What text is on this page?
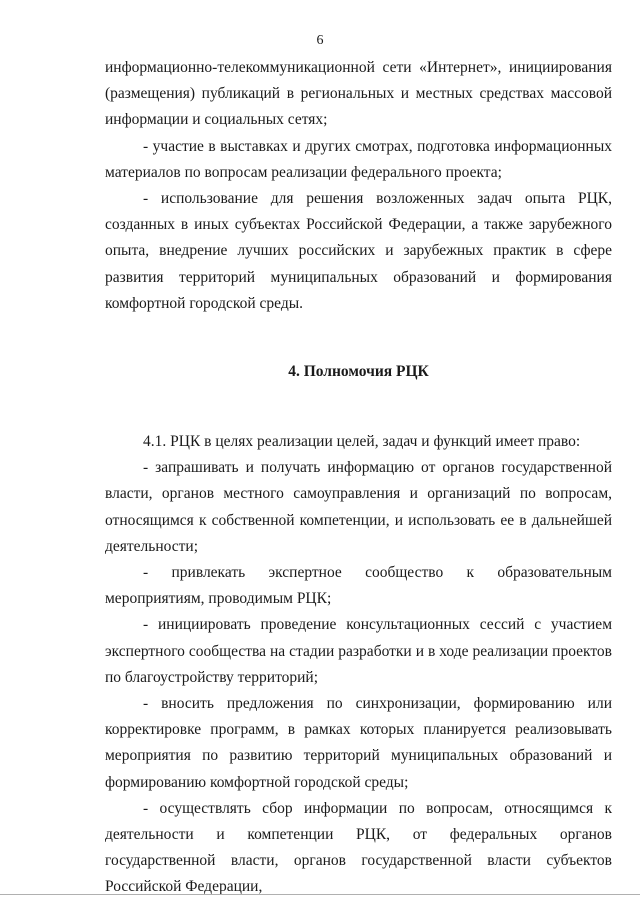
6

информационно-телекоммуникационной сети «Интернет», инициирования (размещения) публикаций в региональных и местных средствах массовой информации и социальных сетях;

- участие в выставках и других смотрах, подготовка информационных материалов по вопросам реализации федерального проекта;

- использование для решения возложенных задач опыта РЦК, созданных в иных субъектах Российской Федерации, а также зарубежного опыта, внедрение лучших российских и зарубежных практик в сфере развития территорий муниципальных образований и формирования комфортной городской среды.

4. Полномочия РЦК

4.1. РЦК в целях реализации целей, задач и функций имеет право:

- запрашивать и получать информацию от органов государственной власти, органов местного самоуправления и организаций по вопросам, относящимся к собственной компетенции, и использовать ее в дальнейшей деятельности;

- привлекать экспертное сообщество к образовательным мероприятиям, проводимым РЦК;

- инициировать проведение консультационных сессий с участием экспертного сообщества на стадии разработки и в ходе реализации проектов по благоустройству территорий;

- вносить предложения по синхронизации, формированию или корректировке программ, в рамках которых планируется реализовывать мероприятия по развитию территорий муниципальных образований и формированию комфортной городской среды;

- осуществлять сбор информации по вопросам, относящимся к деятельности и компетенции РЦК, от федеральных органов государственной власти, органов государственной власти субъектов Российской Федерации,
